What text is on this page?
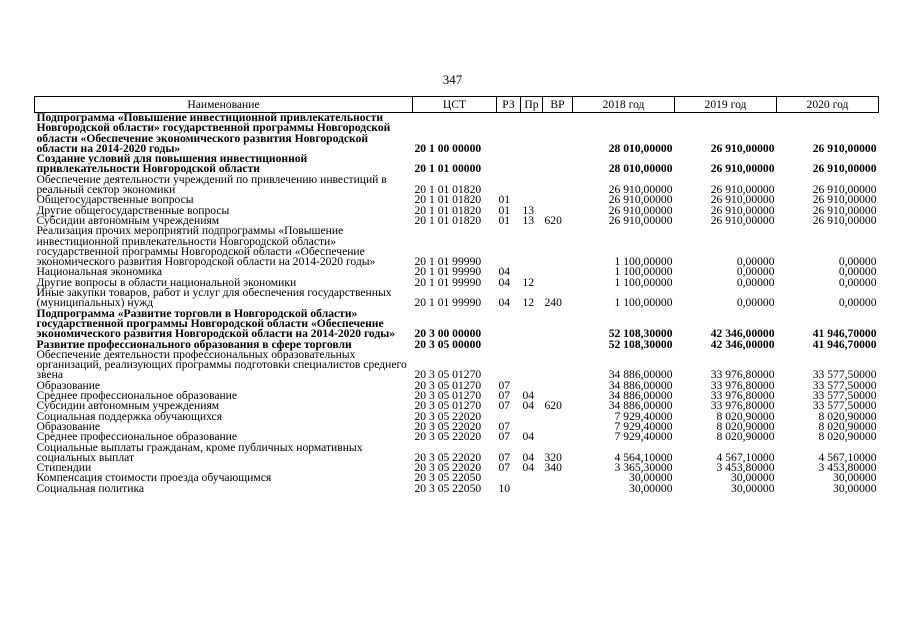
347
Наименование	ЦСТ	РЗ	Пр	ВР	2018 год	2019 год	2020 год
Подпрограмма «Повышение инвестиционной привлекательности Новгородской области» государственной программы Новгородской области «Обеспечение экономического развития Новгородской области на 2014-2020 годы»	20 1 00 00000				28 010,00000	26 910,00000	26 910,00000
Создание условий для повышения инвестиционной привлекательности Новгородской области	20 1 01 00000				28 010,00000	26 910,00000	26 910,00000
Обеспечение деятельности учреждений по привлечению инвестиций в реальный сектор экономики	20 1 01 01820				26 910,00000	26 910,00000	26 910,00000
Общегосударственные вопросы	20 1 01 01820	01			26 910,00000	26 910,00000	26 910,00000
Другие общегосударственные вопросы	20 1 01 01820	01	13		26 910,00000	26 910,00000	26 910,00000
Субсидии автономным учреждениям	20 1 01 01820	01	13	620	26 910,00000	26 910,00000	26 910,00000
Реализация прочих мероприятий подпрограммы «Повышение инвестиционной привлекательности Новгородской области» государственной программы Новгородской области «Обеспечение экономического развития Новгородской области на 2014-2020 годы»	20 1 01 99990				1 100,00000	0,00000	0,00000
Национальная экономика	20 1 01 99990	04			1 100,00000	0,00000	0,00000
Другие вопросы в области национальной экономики	20 1 01 99990	04	12		1 100,00000	0,00000	0,00000
Иные закупки товаров, работ и услуг для обеспечения государственных (муниципальных) нужд	20 1 01 99990	04	12	240	1 100,00000	0,00000	0,00000
Подпрограмма «Развитие торговли в Новгородской области» государственной программы Новгородской области «Обеспечение экономического развития Новгородской области на 2014-2020 годы»	20 3 00 00000				52 108,30000	42 346,00000	41 946,70000
Развитие профессионального образования в сфере торговли	20 3 05 00000				52 108,30000	42 346,00000	41 946,70000
Обеспечение деятельности профессиональных образовательных организаций, реализующих программы подготовки специалистов среднего звена	20 3 05 01270				34 886,00000	33 976,80000	33 577,50000
Образование	20 3 05 01270	07			34 886,00000	33 976,80000	33 577,50000
Среднее профессиональное образование	20 3 05 01270	07	04		34 886,00000	33 976,80000	33 577,50000
Субсидии автономным учреждениям	20 3 05 01270	07	04	620	34 886,00000	33 976,80000	33 577,50000
Социальная поддержка обучающихся	20 3 05 22020				7 929,40000	8 020,90000	8 020,90000
Образование	20 3 05 22020	07			7 929,40000	8 020,90000	8 020,90000
Среднее профессиональное образование	20 3 05 22020	07	04		7 929,40000	8 020,90000	8 020,90000
Социальные выплаты гражданам, кроме публичных нормативных социальных выплат	20 3 05 22020	07	04	320	4 564,10000	4 567,10000	4 567,10000
Стипендии	20 3 05 22020	07	04	340	3 365,30000	3 453,80000	3 453,80000
Компенсация стоимости проезда обучающимся	20 3 05 22050				30,00000	30,00000	30,00000
Социальная политика	20 3 05 22050	10			30,00000	30,00000	30,00000
